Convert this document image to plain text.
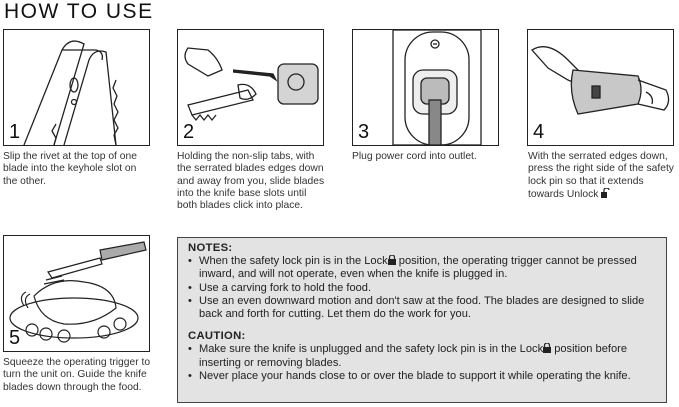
HOW TO USE
1
Slip the rivet at the top of one blade into the keyhole slot on the other.
2
Holding the non-slip tabs, with the serrated blades edges down and away from you, slide blades into the knife base slots until both blades click into place.
3
Plug power cord into outlet.
4
With the serrated edges down, press the right side of the safety lock pin so that it extends towards Unlock
5
Squeeze the operating trigger to turn the unit on. Guide the knife blades down through the food.
NOTES:
• When the safety lock pin is in the Lock position, the operating trigger cannot be pressed inward, and will not operate, even when the knife is plugged in.
• Use a carving fork to hold the food.
• Use an even downward motion and don't saw at the food. The blades are designed to slide back and forth for cutting. Let them do the work for you.
CAUTION:
• Make sure the knife is unplugged and the safety lock pin is in the Lock position before inserting or removing blades.
• Never place your hands close to or over the blade to support it while operating the knife.
